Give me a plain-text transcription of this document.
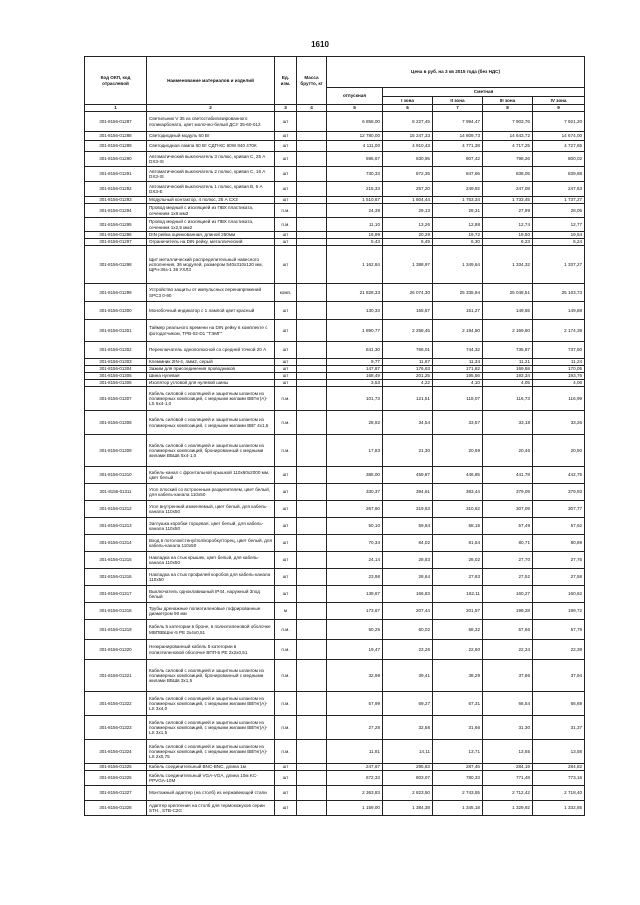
1610
Код ОКП, код отраслевой	Наименование материалов и изделий	Ед. изм.	Масса брутто, кг	Цена в руб. на 3 кв 2015 года (без НДС)				
				отпускная	Сметная			
					I зона	II зона	III зона	IV зона
1	2	3	4	5	6	7	8	9
301-8156-01287	Светильник V 35 из светостабилизированного поликарбоната, цвет молочно-белый ДСУ 35-60-012	шт		6 858,00	8 227,45	7 994,47	7 903,76	7 921,20
301-8156-01288	Светодиодный модуль 60 Вт	шт		12 780,00	15 247,33	14 809,73	14 643,72	14 674,00
301-8156-01289	Светодиодная лампа 60 Вт СДП-КС 60W 840 470К	шт		4 111,00	4 910,43	4 771,38	4 717,25	4 727,65
301-8156-01290	Автоматический выключатель 3 полюс, кривая С, 25 A DX3-IS	шт		695,67	830,95	807,42	798,26	800,02
301-8156-01291	Автоматический выключатель 2 полюс, кривая С, 16 A DX3-IS	шт		730,33	872,35	847,66	838,05	839,88
301-8156-01292	Автоматический выключатель 1 полюс, кривая В, 6 А DX3-E	шт		215,33	257,20	249,92	247,08	247,63
301-8156-01293	Модульный контактор, 4 полюс, 25 A CX3	шт		1 510,67	1 804,44	1 753,34	1 733,45	1 737,27
301-8156-01294	Провод медный с изоляцией из ПВХ пластиката, сечением 1х6 мм2	п.м.		24,39	29,13	28,31	27,99	28,05
301-8156-01295	Провод медный с изоляцией из ПВХ пластиката, сечением 1х2,5 мм2	п.м.		11,10	13,26	12,88	12,74	12,77
301-8156-01296	DIN рейка оцинкованная, длиной 250мм	шт		16,99	20,29	19,72	19,50	19,54
301-8156-01297	Ограничитель на DIN рейку, металлический	шт		5,43	6,49	6,30	6,23	6,24
301-8156-01298	Щит металлический распределительный навесного исполнения, 36 модулей, размером 540х310х120 мм, ЩРн-36з-1 36 УХЛ3	шт		1 162,84	1 388,97	1 349,64	1 334,32	1 337,27
301-8156-01299	Устройство защиты от импульсных перенапряжений SPC3 0-90	комп.		21 828,33	26 074,30	25 335,94	25 048,51	25 103,73
301-8156-01300	Монобочный индикатор с 1 лампой цвет красный	шт		130,33	155,67	151,27	149,55	149,88
301-8156-01301	Таймер реального времени на DIN рейку в комплекте с фотодатчиком, TPB-02-D1 "ТЭМГ"	шт		1 890,77	2 258,45	2 194,50	2 169,60	2 174,39
301-8156-01302	Переключатель однополюсной со средней точкой 20 А	шт		641,30	766,01	744,32	735,87	737,50
301-8156-01303	Клеммник 2IN-4, 4мм2, серый	шт		9,77	11,67	11,34	11,21	11,24
301-8156-01304	Зажим для присоединения проводников	шт		147,87	176,63	171,62	169,68	170,05
301-8156-01305	Шина нулевая	шт		168,49	201,25	195,56	193,34	193,76
301-8156-01306	Изолятор угловой для нулевой шины	шт		3,53	4,22	4,10	4,05	4,06
301-8156-01307	Кабель силовой с изоляцией и защитным шлангом из полимерных композиций, с медными жилами ВВГнг(А)-LS 5х4-1,0	п.м.		101,73	121,51	118,07	116,73	116,99
301-8156-01308	Кабель силовой с изоляцией и защитным шлангом из полимерных композиций, с медными жилами ВВГ 4х1,5	п.м.		28,92	34,54	33,57	33,18	33,26
301-8156-01309	Кабель силовой с изоляцией и защитным шлангом из полимерных композиций, бронированный с медными жилами ВБШв 5х4-1,0	п.м.		17,83	21,30	20,69	20,46	20,50
301-8156-01310	Кабель-канал с фронтальной крышкой 110х60х2000 мм, цвет белый	шт		385,00	459,87	446,85	441,78	442,75
301-8156-01311	Угол плоский со встроенным разделителем, цвет белый, для кабель-канала 110х50	шт		330,37	394,61	383,44	379,09	379,93
301-8156-01312	Угол внутренний изменяемый, цвет белый, для кабель-канала 110х50	шт		267,60	319,63	310,62	307,09	307,77
301-8156-01313	Заглушка коробки торцевая, цвет белый, для кабель-канала 110х50	шт		50,10	59,84	58,15	57,49	57,62
301-8156-01314	Вход в потолок/стену/пол/коробку/торец, цвет белый, для кабель-канала 110х50	шт		70,34	84,02	81,64	80,71	80,89
301-8156-01315	Накладка на стык крышек, цвет белый, для кабель-канала 110х50	шт		24,14	28,83	28,02	27,70	27,76
301-8156-01316	Накладка на стык профилей коробов для кабель-канала 110х50	шт		23,98	28,64	27,83	27,52	27,58
301-8156-01317	Выключатель одноклавишный IP44, наружный 3под белый	шт		139,67	166,83	162,11	160,27	160,62
301-8156-01318	Трубы дренажные полиэтиленовые гофрированные диаметром 90 мм	м		173,67	207,44	201,57	199,28	199,72
301-8156-01319	Кабель 5 категории в броне, в полиэтиленовой оболочке МВПВБШнг-5 PE 2х4х0,51	п.м.		50,25	60,02	58,32	57,66	57,79
301-8156-01320	Неэкранированный кабель 5 категории в полиэтиленовой оболочке ВПП-5 PE 2х2х0,51	п.м.		19,47	23,26	22,60	22,34	22,39
301-8156-01321	Кабель силовой с изоляцией и защитным шлангом из полимерных композиций, бронированный с медными жилами ВБШв 3х1,5	п.м.		32,99	39,41	38,29	37,86	37,94
301-8156-01322	Кабель силовой с изоляцией и защитным шлангом из полимерных композиций, с медными жилами ВВГнг(А)-LS 3х4,0	п.м.		57,99	69,27	67,31	66,54	66,69
301-8156-01323	Кабель силовой с изоляцией и защитным шлангом из полимерных композиций, с медными жилами ВВГнг(А)-LS 3х1,5	п.м.		27,28	32,58	31,66	31,30	31,37
301-8156-01324	Кабель силовой с изоляцией и защитным шлангом из полимерных композиций, с медными жилами ВВГнг(А)-LS 2х0,75	п.м.		11,81	14,11	13,71	13,55	13,58
301-8156-01325	Кабель соединительный BNC-BNC, длина 1м	шт		247,67	295,83	287,46	284,19	284,82
301-8156-01326	Кабель соединительный VGA-VGA, длина 10м KC-PPVGA-10M	шт		672,33	803,07	780,33	771,48	773,16
301-8156-01327	Монтажный адаптер (на столб) из нержавеющей стали	шт		2 363,83	2 823,50	2 743,55	2 712,42	2 718,40
301-8156-01328	Адаптер крепления на столб для термокожухов серии STH., STB-C2G	шт		1 159,00	1 384,38	1 345,18	1 329,92	1 332,85
